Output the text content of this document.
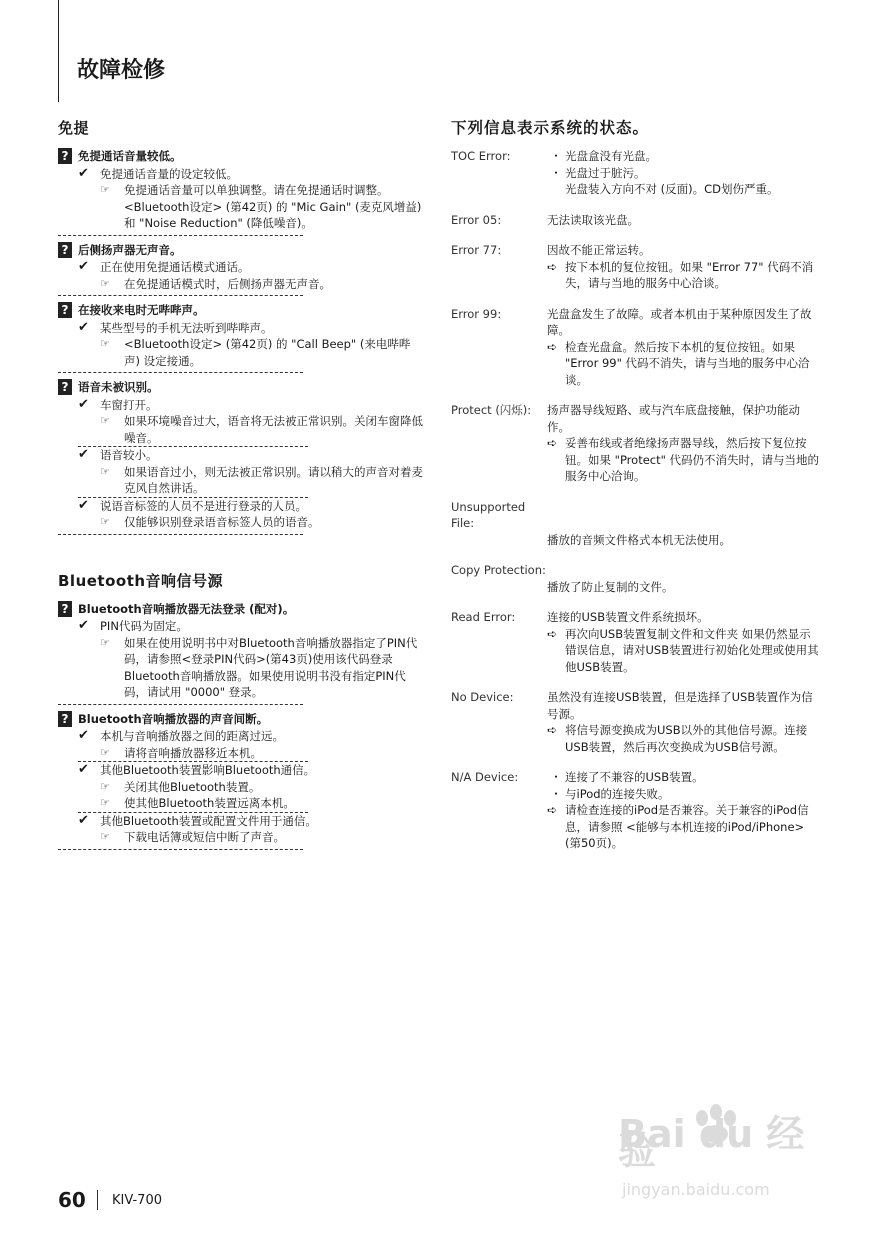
故障检修
免提
? 免提通话音量较低。
✔ 免提通话音量的设定较低。
☞	免提通话音量可以单独调整。请在免提通话时调整。<Bluetooth设定> (第42页) 的 "Mic Gain" (麦克风增益) 和 "Noise Reduction" (降低噪音)。
? 后侧扬声器无声音。
✔ 正在使用免提通话模式通话。
☞	在免提通话模式时，后侧扬声器无声音。
? 在接收来电时无哔哔声。
✔ 某些型号的手机无法听到哔哔声。
☞	<Bluetooth设定> (第42页) 的 "Call Beep" (来电哔哔声) 设定接通。
? 语音未被识别。
✔ 车窗打开。
☞	如果环境噪音过大，语音将无法被正常识别。关闭车窗降低噪音。
✔ 语音较小。
☞	如果语音过小，则无法被正常识别。请以稍大的声音对着麦克风自然讲话。
✔ 说语音标签的人员不是进行登录的人员。
☞	仅能够识别登录语音标签人员的语音。
Bluetooth音响信号源
? Bluetooth音响播放器无法登录 (配对)。
✔ PIN代码为固定。
☞	如果在使用说明书中对Bluetooth音响播放器指定了PIN代码，请参照<登录PIN代码>(第43页)使用该代码登录Bluetooth音响播放器。如果使用说明书没有指定PIN代码，请试用 "0000" 登录。
? Bluetooth音响播放器的声音间断。
✔ 本机与音响播放器之间的距离过远。
☞	请将音响播放器移近本机。
✔ 其他Bluetooth装置影响Bluetooth通信。
☞	关闭其他Bluetooth装置。
☞	使其他Bluetooth装置远离本机。
✔ 其他Bluetooth装置或配置文件用于通信。
☞	下载电话簿或短信中断了声音。
下列信息表示系统的状态。
TOC Error:	・ 光盘盒没有光盘。
・ 光盘过于脏污。
光盘装入方向不对 (反面)。CD划伤严重。
Error 05:	无法读取该光盘。
Error 77:	因故不能正常运转。
➪ 按下本机的复位按钮。如果 "Error 77" 代码不消失，请与当地的服务中心洽谈。
Error 99:	光盘盒发生了故障。或者本机由于某种原因发生了故障。
➪ 检查光盘盒。然后按下本机的复位按钮。如果 "Error 99" 代码不消失，请与当地的服务中心洽谈。
Protect (闪烁):	扬声器导线短路、或与汽车底盘接触，保护功能动作。
➪ 妥善布线或者绝缘扬声器导线，然后按下复位按钮。如果 "Protect" 代码仍不消失时，请与当地的服务中心洽询。
Unsupported File:
播放的音频文件格式本机无法使用。
Copy Protection:
播放了防止复制的文件。
Read Error:	连接的USB装置文件系统损坏。
➪ 再次向USB装置复制文件和文件夹 如果仍然显示错误信息，请对USB装置进行初始化处理或使用其他USB装置。
No Device:	虽然没有连接USB装置，但是选择了USB装置作为信号源。
➪ 将信号源变换成为USB以外的其他信号源。连接USB装置，然后再次变换成为USB信号源。
N/A Device:	・ 连接了不兼容的USB装置。
・ 与iPod的连接失败。
➪ 请检查连接的iPod是否兼容。关于兼容的iPod信息，请参照 <能够与本机连接的iPod/iPhone> (第50页)。
60 KIV-700
Bai du 经验
jingyan.baidu.com
